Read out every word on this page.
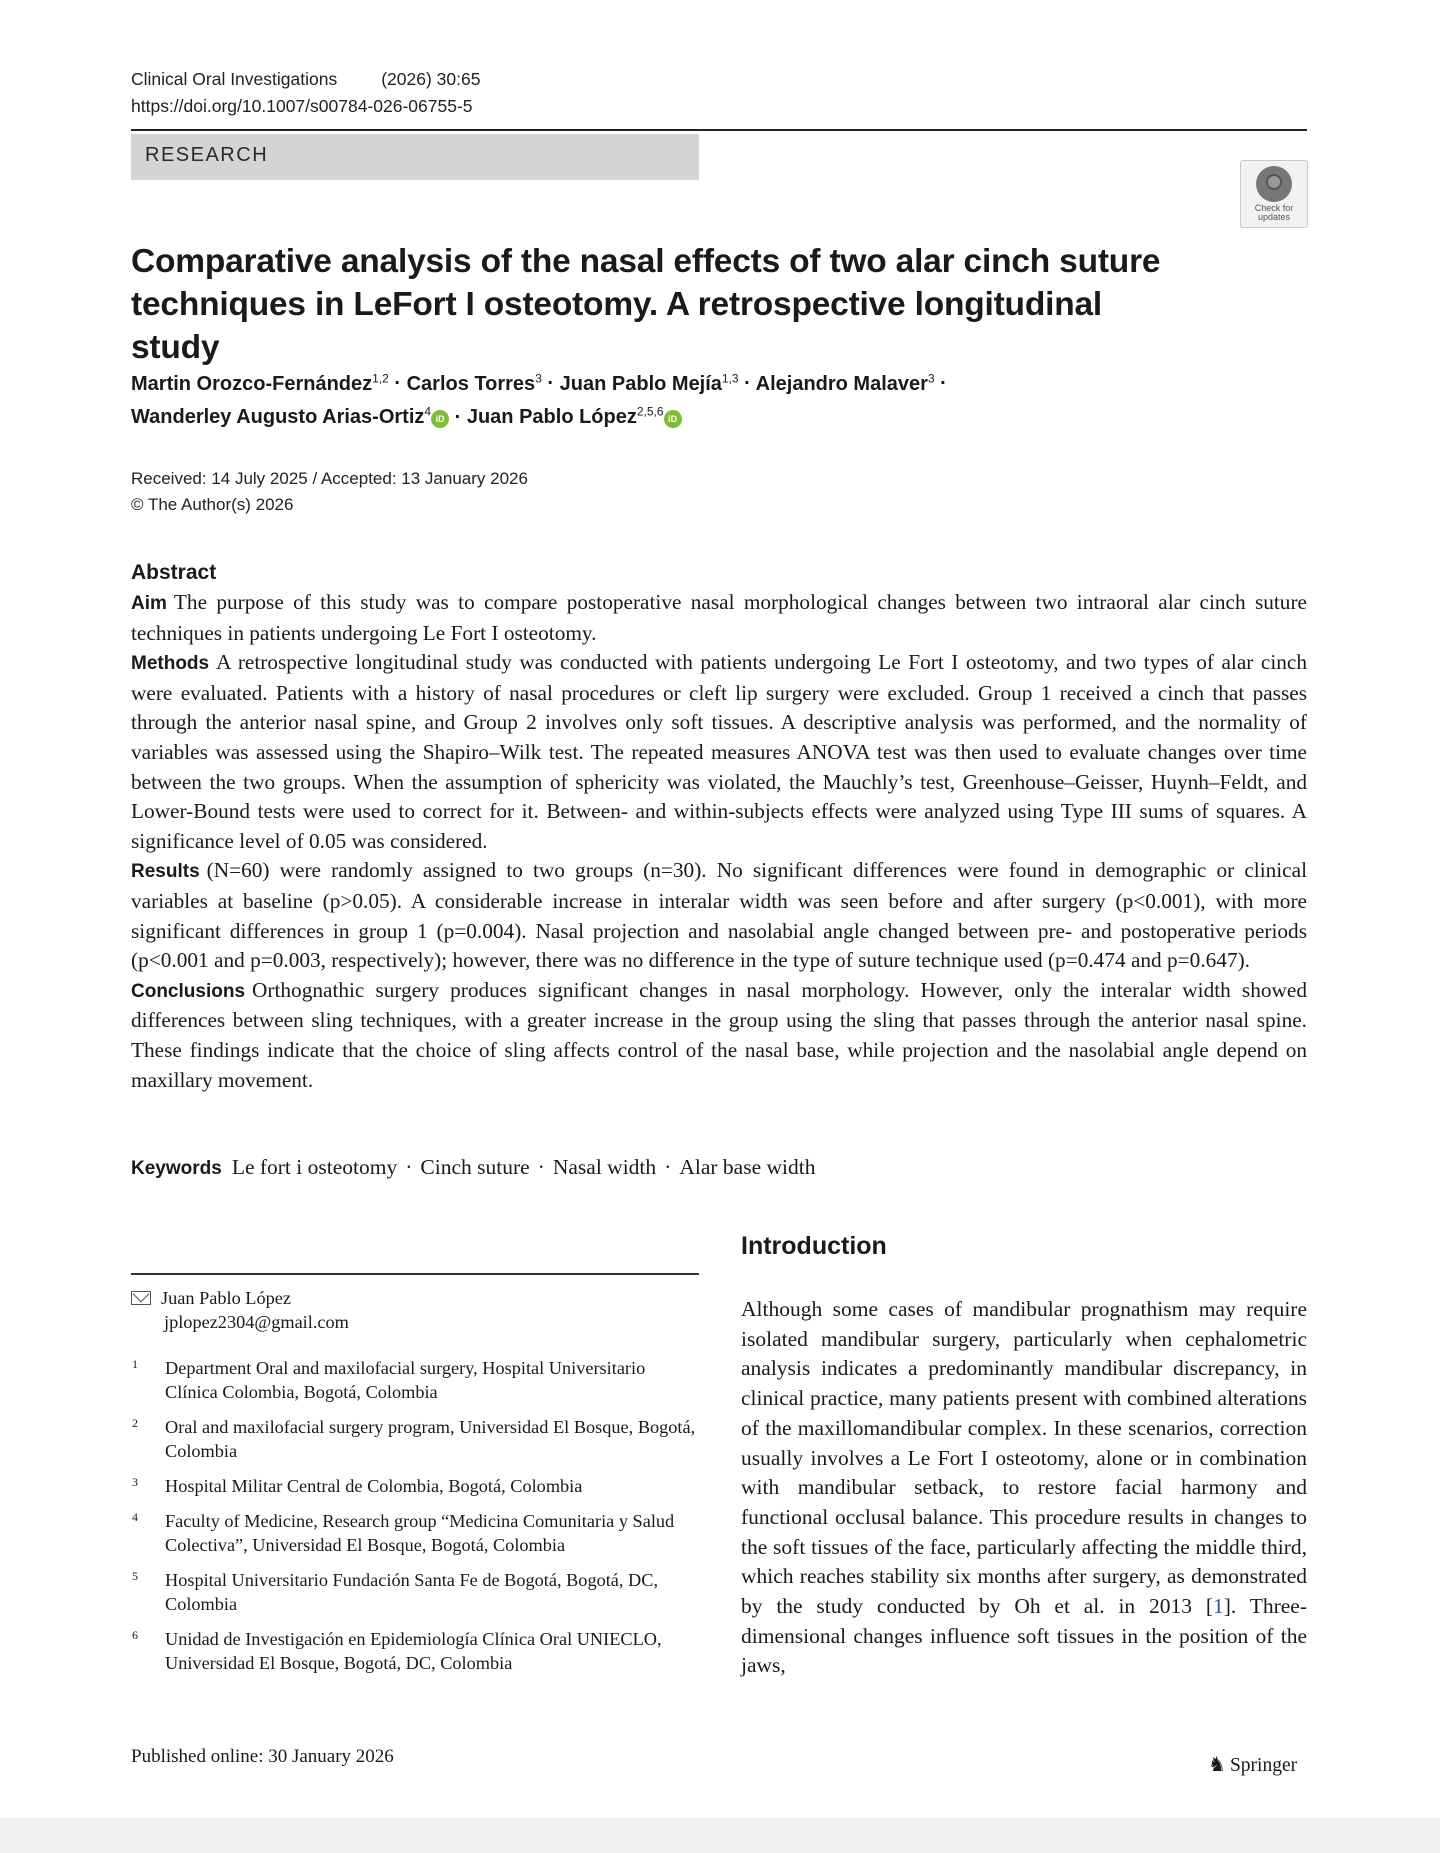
Clinical Oral Investigations	(2026) 30:65
https://doi.org/10.1007/s00784-026-06755-5
RESEARCH
Check for
updates
Comparative analysis of the nasal effects of two alar cinch suture techniques in LeFort I osteotomy. A retrospective longitudinal study
Martin Orozco-Fernández$^{1,2}$ · Carlos Torres$^3$ · Juan Pablo Mejía$^{1,3}$ · Alejandro Malaver$^3$ ·
Wanderley Augusto Arias-Ortiz$^4$iD · Juan Pablo López$^{2,5,6}$iD
Received: 14 July 2025 / Accepted: 13 January 2026
© The Author(s) 2026
Abstract

Aim The purpose of this study was to compare postoperative nasal morphological changes between two intraoral alar cinch suture techniques in patients undergoing Le Fort I osteotomy.

Methods A retrospective longitudinal study was conducted with patients undergoing Le Fort I osteotomy, and two types of alar cinch were evaluated. Patients with a history of nasal procedures or cleft lip surgery were excluded. Group 1 received a cinch that passes through the anterior nasal spine, and Group 2 involves only soft tissues. A descriptive analysis was performed, and the normality of variables was assessed using the Shapiro–Wilk test. The repeated measures ANOVA test was then used to evaluate changes over time between the two groups. When the assumption of sphericity was violated, the Mauchly’s test, Greenhouse–Geisser, Huynh–Feldt, and Lower-Bound tests were used to correct for it. Between- and within-subjects effects were analyzed using Type III sums of squares. A significance level of 0.05 was considered.

Results (N=60) were randomly assigned to two groups (n=30). No significant differences were found in demographic or clinical variables at baseline (p>0.05). A considerable increase in interalar width was seen before and after surgery (p<0.001), with more significant differences in group 1 (p=0.004). Nasal projection and nasolabial angle changed between pre- and postoperative periods (p<0.001 and p=0.003, respectively); however, there was no difference in the type of suture technique used (p=0.474 and p=0.647).

Conclusions Orthognathic surgery produces significant changes in nasal morphology. However, only the interalar width showed differences between sling techniques, with a greater increase in the group using the sling that passes through the anterior nasal spine. These findings indicate that the choice of sling affects control of the nasal base, while projection and the nasolabial angle depend on maxillary movement.

Keywords Le fort i osteotomy · Cinch suture · Nasal width · Alar base width
Juan Pablo López
jplopez2304@gmail.com
1 Department Oral and maxilofacial surgery, Hospital Universitario Clínica Colombia, Bogotá, Colombia
2 Oral and maxilofacial surgery program, Universidad El Bosque, Bogotá, Colombia
3 Hospital Militar Central de Colombia, Bogotá, Colombia
4 Faculty of Medicine, Research group “Medicina Comunitaria y Salud Colectiva”, Universidad El Bosque, Bogotá, Colombia
5 Hospital Universitario Fundación Santa Fe de Bogotá, Bogotá, DC, Colombia
6 Unidad de Investigación en Epidemiología Clínica Oral UNIECLO, Universidad El Bosque, Bogotá, DC, Colombia
Introduction
Although some cases of mandibular prognathism may require isolated mandibular surgery, particularly when cephalometric analysis indicates a predominantly mandibular discrepancy, in clinical practice, many patients present with combined alterations of the maxillomandibular complex. In these scenarios, correction usually involves a Le Fort I osteotomy, alone or in combination with mandibular setback, to restore facial harmony and functional occlusal balance. This procedure results in changes to the soft tissues of the face, particularly affecting the middle third, which reaches stability six months after surgery, as demonstrated by the study conducted by Oh et al. in 2013 [1]. Three-dimensional changes influence soft tissues in the position of the jaws,
Published online: 30 January 2026	♞ Springer
